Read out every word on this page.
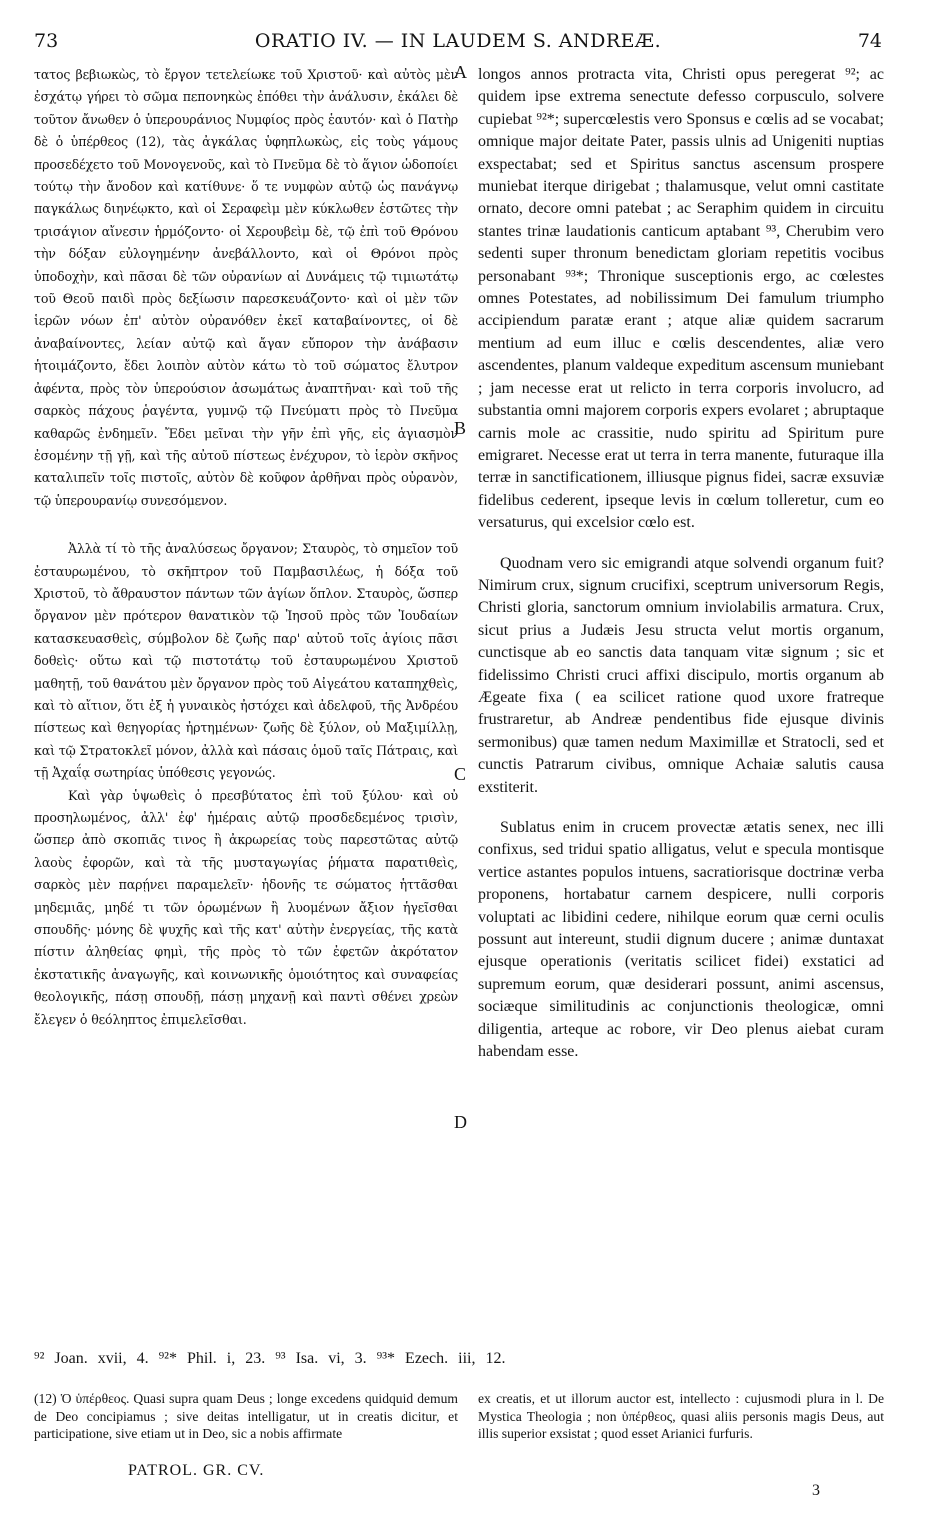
73	ORATIO IV. — IN LAUDEM S. ANDREÆ.	74

τατος βεβιωκὼς, τὸ ἔργον τετελείωκε τοῦ Χριστοῦ· καὶ αὐτὸς μὲν ἐσχάτῳ γήρει τὸ σῶμα πεπονηκὼς ἐπόθει τὴν ἀνάλυσιν, ἐκάλει δὲ τοῦτον ἄνωθεν ὁ ὑπερουράνιος Νυμφίος πρὸς ἑαυτόν· καὶ ὁ Πατὴρ δὲ ὁ ὑπέρθεος (12), τὰς ἀγκάλας ὑφηπλωκὼς, εἰς τοὺς γάμους προσεδέχετο τοῦ Μονογενοῦς, καὶ τὸ Πνεῦμα δὲ τὸ ἅγιον ὡδοποίει τούτῳ τὴν ἄνοδον καὶ κατίθυνε· ὅ τε νυμφὼν αὐτῷ ὡς πανάγνῳ παγκάλως διηνέῳκτο, καὶ οἱ Σεραφεὶμ μὲν κύκλωθεν ἑστῶτες τὴν τρισάγιον αἴνεσιν ἡρμόζοντο· οἱ Χερουβεὶμ δὲ, τῷ ἐπὶ τοῦ Θρόνου τὴν δόξαν εὐλογημένην ἀνεβάλλοντο, καὶ οἱ Θρόνοι πρὸς ὑποδοχὴν, καὶ πᾶσαι δὲ τῶν οὐρανίων αἱ Δυνάμεις τῷ τιμιωτάτῳ τοῦ Θεοῦ παιδὶ πρὸς δεξίωσιν παρεσκευάζοντο· καὶ οἱ μὲν τῶν ἱερῶν νόων ἐπ' αὐτὸν οὐρανόθεν ἐκεῖ καταβαίνοντες, οἱ δὲ ἀναβαίνοντες, λείαν αὐτῷ καὶ ἄγαν εὔπορον τὴν ἀνάβασιν ἡτοιμάζοντο, ἔδει λοιπὸν αὐτὸν κάτω τὸ τοῦ σώματος ἔλυτρον ἀφέντα, πρὸς τὸν ὑπερούσιον ἀσωμάτως ἀναπτῆναι· καὶ τοῦ τῆς σαρκὸς πάχους ῥαγέντα, γυμνῷ τῷ Πνεύματι πρὸς τὸ Πνεῦμα καθαρῶς ἐνδημεῖν. Ἔδει μεῖναι τὴν γῆν ἐπὶ γῆς, εἰς ἁγιασμὸν ἐσομένην τῇ γῇ, καὶ τῆς αὐτοῦ πίστεως ἐνέχυρον, τὸ ἱερὸν σκῆνος καταλιπεῖν τοῖς πιστοῖς, αὐτὸν δὲ κοῦφον ἀρθῆναι πρὸς οὐρανὸν, τῷ ὑπερουρανίῳ συνεσόμενον.

Ἀλλὰ τί τὸ τῆς ἀναλύσεως ὄργανον; Σταυρὸς, τὸ σημεῖον τοῦ ἐσταυρωμένου, τὸ σκῆπτρον τοῦ Παμβασιλέως, ἡ δόξα τοῦ Χριστοῦ, τὸ ἄθραυστον πάντων τῶν ἁγίων ὅπλον. Σταυρὸς, ὥσπερ ὄργανον μὲν πρότερον θανατικὸν τῷ Ἰησοῦ πρὸς τῶν Ἰουδαίων κατασκευασθεὶς, σύμβολον δὲ ζωῆς παρ' αὐτοῦ τοῖς ἁγίοις πᾶσι δοθεὶς· οὕτω καὶ τῷ πιστοτάτῳ τοῦ ἐσταυρωμένου Χριστοῦ μαθητῇ, τοῦ θανάτου μὲν ὄργανον πρὸς τοῦ Αἰγεάτου καταπηχθεὶς, καὶ τὸ αἴτιον, ὅτι ἐξ ἡ γυναικὸς ἠστόχει καὶ ἀδελφοῦ, τῆς Ἀνδρέου πίστεως καὶ θεηγορίας ἠρτημένων· ζωῆς δὲ ξύλον, οὐ Μαξιμίλλῃ, καὶ τῷ Στρατοκλεῖ μόνον, ἀλλὰ καὶ πάσαις ὁμοῦ ταῖς Πάτραις, καὶ τῇ Ἀχαΐᾳ σωτηρίας ὑπόθεσις γεγονώς.

Καὶ γὰρ ὑψωθεὶς ὁ πρεσβύτατος ἐπὶ τοῦ ξύλου· καὶ οὐ προσηλωμένος, ἀλλ' ἐφ' ἡμέραις αὐτῷ προσδεδεμένος τρισὶν, ὥσπερ ἀπὸ σκοπιᾶς τινος ἢ ἀκρωρείας τοὺς παρεστῶτας αὐτῷ λαοὺς ἐφορῶν, καὶ τὰ τῆς μυσταγωγίας ῥήματα παρατιθεὶς, σαρκὸς μὲν παρῄνει παραμελεῖν· ἡδονῆς τε σώματος ἡττᾶσθαι μηδεμιᾶς, μηδέ τι τῶν ὁρωμένων ἢ λυομένων ἄξιον ἡγεῖσθαι σπουδῆς· μόνης δὲ ψυχῆς καὶ τῆς κατ' αὐτὴν ἐνεργείας, τῆς κατὰ πίστιν ἀληθείας φημὶ, τῆς πρὸς τὸ τῶν ἐφετῶν ἀκρότατον ἐκστατικῆς ἀναγωγῆς, καὶ κοινωνικῆς ὁμοιότητος καὶ συναφείας θεολογικῆς, πάσῃ σπουδῇ, πάσῃ μηχανῇ καὶ παντὶ σθένει χρεὼν ἔλεγεν ὁ θεόληπτος ἐπιμελεῖσθαι.

A
B
C
D

longos annos protracta vita, Christi opus peregerat ⁹²; ac quidem ipse extrema senectute defesso corpusculo, solvere cupiebat ⁹²*; supercœlestis vero Sponsus e cœlis ad se vocabat; omnique major deitate Pater, passis ulnis ad Unigeniti nuptias exspectabat; sed et Spiritus sanctus ascensum prospere muniebat iterque dirigebat ; thalamusque, velut omni castitate ornato, decore omni patebat ; ac Seraphim quidem in circuitu stantes trinæ laudationis canticum aptabant ⁹³, Cherubim vero sedenti super thronum benedictam gloriam repetitis vocibus personabant ⁹³*; Thronique susceptionis ergo, ac cœlestes omnes Potestates, ad nobilissimum Dei famulum triumpho accipiendum paratæ erant ; atque aliæ quidem sacrarum mentium ad eum illuc e cœlis descendentes, aliæ vero ascendentes, planum valdeque expeditum ascensum muniebant ; jam necesse erat ut relicto in terra corporis involucro, ad substantia omni majorem corporis expers evolaret ; abruptaque carnis mole ac crassitie, nudo spiritu ad Spiritum pure emigraret. Necesse erat ut terra in terra manente, futuraque illa terræ in sanctificationem, illiusque pignus fidei, sacræ exsuviæ fidelibus cederent, ipseque levis in cœlum tolleretur, cum eo versaturus, qui excelsior cœlo est.

Quodnam vero sic emigrandi atque solvendi organum fuit? Nimirum crux, signum crucifixi, sceptrum universorum Regis, Christi gloria, sanctorum omnium inviolabilis armatura. Crux, sicut prius a Judæis Jesu structa velut mortis organum, cunctisque ab eo sanctis data tanquam vitæ signum ; sic et fidelissimo Christi cruci affixi discipulo, mortis organum ab Ægeate fixa ( ea scilicet ratione quod uxore fratreque frustraretur, ab Andreæ pendentibus fide ejusque divinis sermonibus) quæ tamen nedum Maximillæ et Stratocli, sed et cunctis Patrarum civibus, omnique Achaiæ salutis causa exstiterit.

Sublatus enim in crucem provectæ ætatis senex, nec illi confixus, sed tridui spatio alligatus, velut e specula montisque vertice astantes populos intuens, sacratiorisque doctrinæ verba proponens, hortabatur carnem despicere, nulli corporis voluptati ac libidini cedere, nihilque eorum quæ cerni oculis possunt aut intereunt, studii dignum ducere ; animæ duntaxat ejusque operationis (veritatis scilicet fidei) exstatici ad supremum eorum, quæ desiderari possunt, animi ascensus, sociæque similitudinis ac conjunctionis theologicæ, omni diligentia, arteque ac robore, vir Deo plenus aiebat curam habendam esse.

⁹² Joan. xvii, 4. ⁹²* Phil. i, 23. ⁹³ Isa. vi, 3. ⁹³* Ezech. iii, 12.

(12) Ὁ ὑπέρθεος. Quasi supra quam Deus ; longe excedens quidquid demum de Deo concipiamus ; sive deitas intelligatur, ut in creatis dicitur, et participatione, sive etiam ut in Deo, sic a nobis affirmate

ex creatis, et ut illorum auctor est, intellecto : cujusmodi plura in l. De Mystica Theologia ; non ὑπέρθεος, quasi aliis personis magis Deus, aut illis superior exsistat ; quod esset Arianici furfuris.

PATROL. GR. CV.
3
